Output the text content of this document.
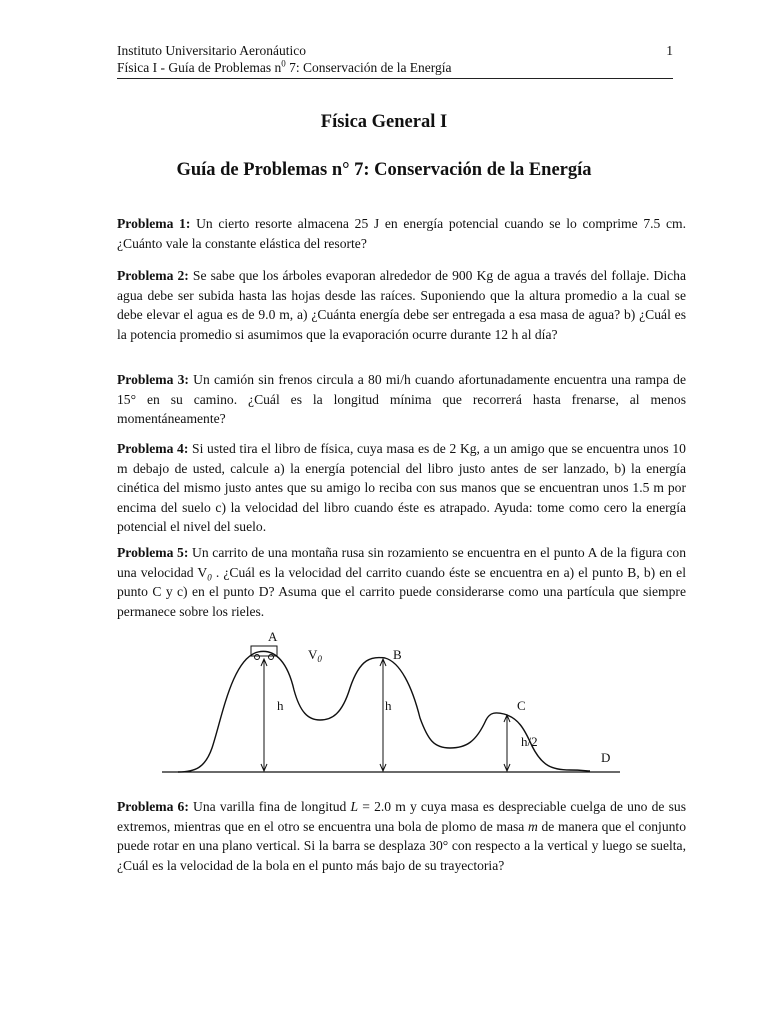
Instituto Universitario Aeronáutico	1
Física I - Guía de Problemas $n^0$ 7: Conservación de la Energía
Física General I
Guía de Problemas n° 7: Conservación de la Energía
Problema 1: Un cierto resorte almacena 25 J en energía potencial cuando se lo comprime 7.5 cm. ¿Cuánto vale la constante elástica del resorte?
Problema 2: Se sabe que los árboles evaporan alrededor de 900 Kg de agua a través del follaje. Dicha agua debe ser subida hasta las hojas desde las raíces. Suponiendo que la altura promedio a la cual se debe elevar el agua es de 9.0 m, a) ¿Cuánta energía debe ser entregada a esa masa de agua? b) ¿Cuál es la potencia promedio si asumimos que la evaporación ocurre durante 12 h al día?
Problema 3: Un camión sin frenos circula a 80 mi/h cuando afortunadamente encuentra una rampa de 15° en su camino. ¿Cuál es la longitud mínima que recorrerá hasta frenarse, al menos momentáneamente?
Problema 4: Si usted tira el libro de física, cuya masa es de 2 Kg, a un amigo que se encuentra unos 10 m debajo de usted, calcule a) la energía potencial del libro justo antes de ser lanzado, b) la energía cinética del mismo justo antes que su amigo lo reciba con sus manos que se encuentran unos 1.5 m por encima del suelo c) la velocidad del libro cuando éste es atrapado. Ayuda: tome como cero la energía potencial el nivel del suelo.
Problema 5: Un carrito de una montaña rusa sin rozamiento se encuentra en el punto A de la figura con una velocidad $V_0$ . ¿Cuál es la velocidad del carrito cuando éste se encuentra en a) el punto B, b) en el punto C y c) en el punto D? Asuma que el carrito puede considerarse como una partícula que siempre permanece sobre los rieles.
A
$V_0$	B
C
D
h	h
h/2
Problema 6: Una varilla fina de longitud L = 2.0 m y cuya masa es despreciable cuelga de uno de sus extremos, mientras que en el otro se encuentra una bola de plomo de masa m de manera que el conjunto puede rotar en una plano vertical. Si la barra se desplaza 30° con respecto a la vertical y luego se suelta, ¿Cuál es la velocidad de la bola en el punto más bajo de su trayectoria?
